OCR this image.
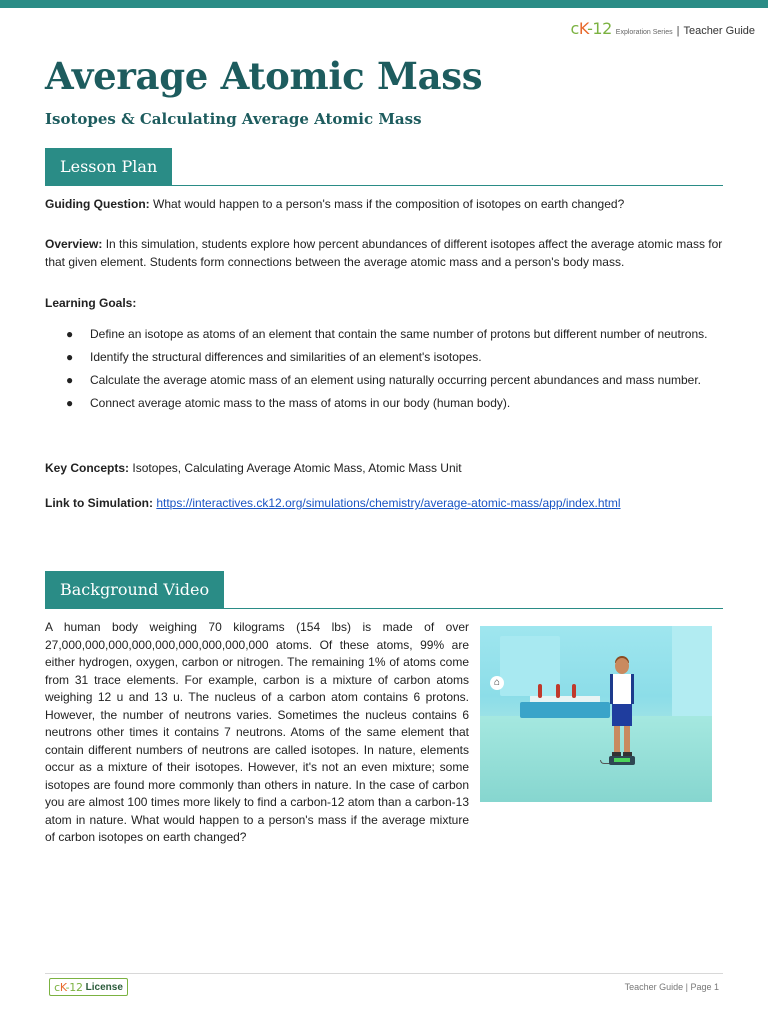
cK-12 Exploration Series | Teacher Guide
Average Atomic Mass
Isotopes & Calculating Average Atomic Mass
Lesson Plan

Guiding Question: What would happen to a person's mass if the composition of isotopes on earth changed?

Overview: In this simulation, students explore how percent abundances of different isotopes affect the average atomic mass for that given element. Students form connections between the average atomic mass and a person's body mass.

Learning Goals:

● Define an isotope as atoms of an element that contain the same number of protons but different number of neutrons.
● Identify the structural differences and similarities of an element's isotopes.
● Calculate the average atomic mass of an element using naturally occurring percent abundances and mass number.
● Connect average atomic mass to the mass of atoms in our body (human body).

Key Concepts: Isotopes, Calculating Average Atomic Mass, Atomic Mass Unit

Link to Simulation: https://interactives.ck12.org/simulations/chemistry/average-atomic-mass/app/index.html

Background Video

A human body weighing 70 kilograms (154 lbs) is made of over 27,000,000,000,000,000,000,000,000,000 atoms. Of these atoms, 99% are either hydrogen, oxygen, carbon or nitrogen. The remaining 1% of atoms come from 31 trace elements. For example, carbon is a mixture of carbon atoms weighing 12 u and 13 u. The nucleus of a carbon atom contains 6 protons. However, the number of neutrons varies. Sometimes the nucleus contains 6 neutrons other times it contains 7 neutrons. Atoms of the same element that contain different numbers of neutrons are called isotopes. In nature, elements occur as a mixture of their isotopes. However, it's not an even mixture; some isotopes are found more commonly than others in nature. In the case of carbon you are almost 100 times more likely to find a carbon-12 atom than a carbon-13 atom in nature. What would happen to a person's mass if the average mixture of carbon isotopes on earth changed?

⌂
cK-12 License	Teacher Guide | Page 1
